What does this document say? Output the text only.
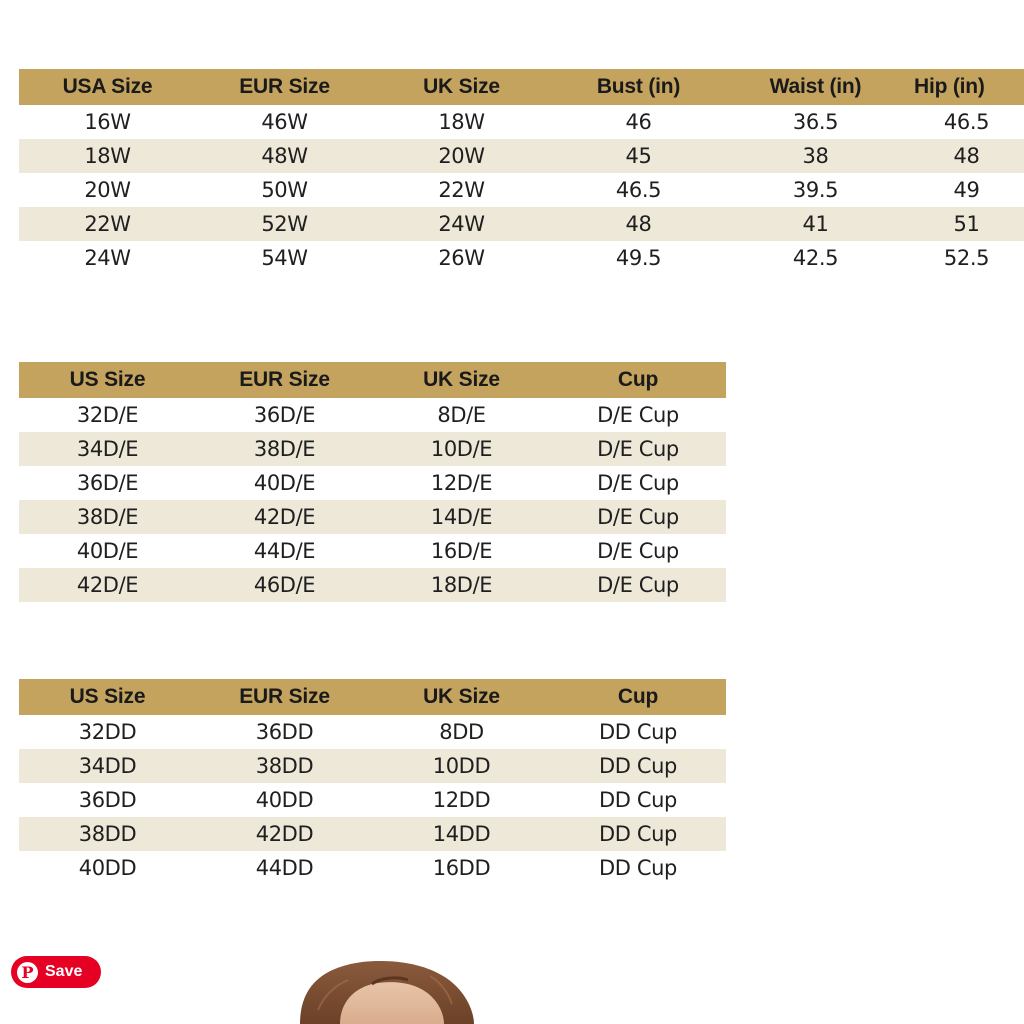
USA Size	EUR Size	UK Size	Bust (in)	Waist (in)	Hip (in)
16W	46W	18W	46	36.5	46.5
18W	48W	20W	45	38	48
20W	50W	22W	46.5	39.5	49
22W	52W	24W	48	41	51
24W	54W	26W	49.5	42.5	52.5
US Size	EUR Size	UK Size	Cup
32D/E	36D/E	8D/E	D/E Cup
34D/E	38D/E	10D/E	D/E Cup
36D/E	40D/E	12D/E	D/E Cup
38D/E	42D/E	14D/E	D/E Cup
40D/E	44D/E	16D/E	D/E Cup
42D/E	46D/E	18D/E	D/E Cup
US Size	EUR Size	UK Size	Cup
32DD	36DD	8DD	DD Cup
34DD	38DD	10DD	DD Cup
36DD	40DD	12DD	DD Cup
38DD	42DD	14DD	DD Cup
40DD	44DD	16DD	DD Cup
P Save
